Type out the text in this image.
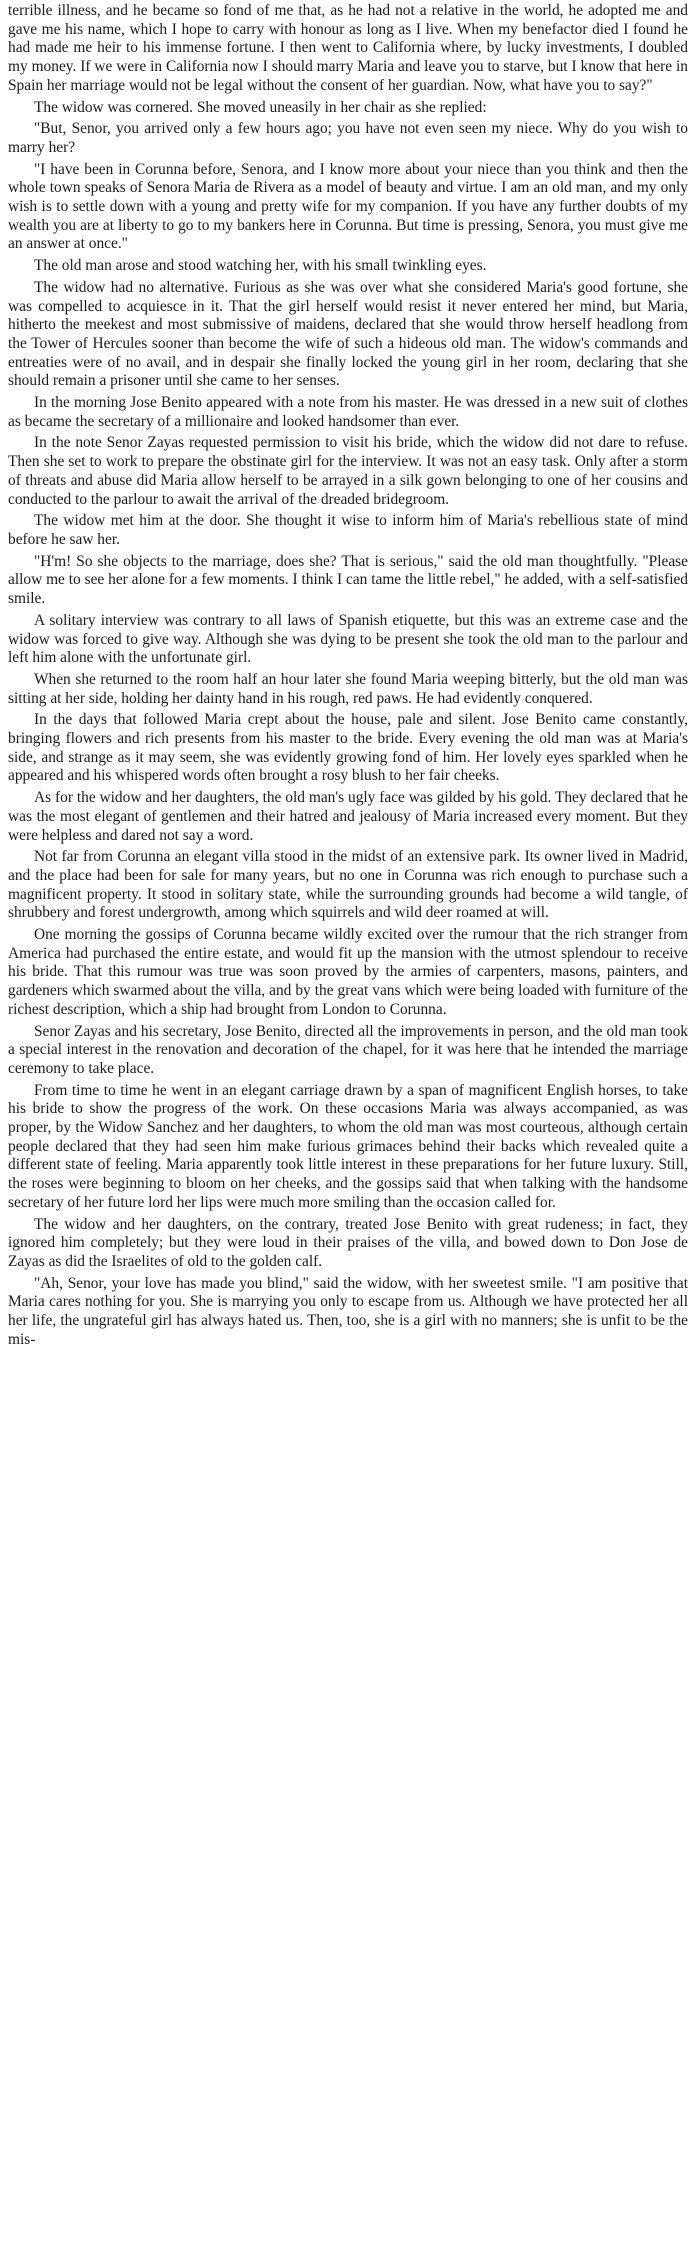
terrible illness, and he became so fond of me that, as he had not a relative in the world, he adopted me and gave me his name, which I hope to carry with honour as long as I live. When my benefactor died I found he had made me heir to his immense fortune. I then went to California where, by lucky investments, I doubled my money. If we were in California now I should marry Maria and leave you to starve, but I know that here in Spain her marriage would not be legal without the consent of her guardian. Now, what have you to say?"

The widow was cornered. She moved uneasily in her chair as she replied:

"But, Senor, you arrived only a few hours ago; you have not even seen my niece. Why do you wish to marry her?

"I have been in Corunna before, Senora, and I know more about your niece than you think and then the whole town speaks of Senora Maria de Rivera as a model of beauty and virtue. I am an old man, and my only wish is to settle down with a young and pretty wife for my companion. If you have any further doubts of my wealth you are at liberty to go to my bankers here in Corunna. But time is pressing, Senora, you must give me an answer at once."

The old man arose and stood watching her, with his small twinkling eyes.

The widow had no alternative. Furious as she was over what she considered Maria's good fortune, she was compelled to acquiesce in it. That the girl herself would resist it never entered her mind, but Maria, hitherto the meekest and most submissive of maidens, declared that she would throw herself headlong from the Tower of Hercules sooner than become the wife of such a hideous old man. The widow's commands and entreaties were of no avail, and in despair she finally locked the young girl in her room, declaring that she should remain a prisoner until she came to her senses.

In the morning Jose Benito appeared with a note from his master. He was dressed in a new suit of clothes as became the secretary of a millionaire and looked handsomer than ever.

In the note Senor Zayas requested permission to visit his bride, which the widow did not dare to refuse. Then she set to work to prepare the obstinate girl for the interview. It was not an easy task. Only after a storm of threats and abuse did Maria allow herself to be arrayed in a silk gown belonging to one of her cousins and conducted to the parlour to await the arrival of the dreaded bridegroom.

The widow met him at the door. She thought it wise to inform him of Maria's rebellious state of mind before he saw her.

"H'm! So she objects to the marriage, does she? That is serious," said the old man thoughtfully. "Please allow me to see her alone for a few moments. I think I can tame the little rebel," he added, with a self-satisfied smile.

A solitary interview was contrary to all laws of Spanish etiquette, but this was an extreme case and the widow was forced to give way. Although she was dying to be present she took the old man to the parlour and left him alone with the unfortunate girl.

When she returned to the room half an hour later she found Maria weeping bitterly, but the old man was sitting at her side, holding her dainty hand in his rough, red paws. He had evidently conquered.

In the days that followed Maria crept about the house, pale and silent. Jose Benito came constantly, bringing flowers and rich presents from his master to the bride. Every evening the old man was at Maria's side, and strange as it may seem, she was evidently growing fond of him. Her lovely eyes sparkled when he appeared and his whispered words often brought a rosy blush to her fair cheeks.

As for the widow and her daughters, the old man's ugly face was gilded by his gold. They declared that he was the most elegant of gentlemen and their hatred and jealousy of Maria increased every moment. But they were helpless and dared not say a word.

Not far from Corunna an elegant villa stood in the midst of an extensive park. Its owner lived in Madrid, and the place had been for sale for many years, but no one in Corunna was rich enough to purchase such a magnificent property. It stood in solitary state, while the surrounding grounds had become a wild tangle, of shrubbery and forest undergrowth, among which squirrels and wild deer roamed at will.

One morning the gossips of Corunna became wildly excited over the rumour that the rich stranger from America had purchased the entire estate, and would fit up the mansion with the utmost splendour to receive his bride. That this rumour was true was soon proved by the armies of carpenters, masons, painters, and gardeners which swarmed about the villa, and by the great vans which were being loaded with furniture of the richest description, which a ship had brought from London to Corunna.

Senor Zayas and his secretary, Jose Benito, directed all the improvements in person, and the old man took a special interest in the renovation and decoration of the chapel, for it was here that he intended the marriage ceremony to take place.

From time to time he went in an elegant carriage drawn by a span of magnificent English horses, to take his bride to show the progress of the work. On these occasions Maria was always accompanied, as was proper, by the Widow Sanchez and her daughters, to whom the old man was most courteous, although certain people declared that they had seen him make furious grimaces behind their backs which revealed quite a different state of feeling. Maria apparently took little interest in these preparations for her future luxury. Still, the roses were beginning to bloom on her cheeks, and the gossips said that when talking with the handsome secretary of her future lord her lips were much more smiling than the occasion called for.

The widow and her daughters, on the contrary, treated Jose Benito with great rudeness; in fact, they ignored him completely; but they were loud in their praises of the villa, and bowed down to Don Jose de Zayas as did the Israelites of old to the golden calf.

"Ah, Senor, your love has made you blind," said the widow, with her sweetest smile. "I am positive that Maria cares nothing for you. She is marrying you only to escape from us. Although we have protected her all her life, the ungrateful girl has always hated us. Then, too, she is a girl with no manners; she is unfit to be the mis-
